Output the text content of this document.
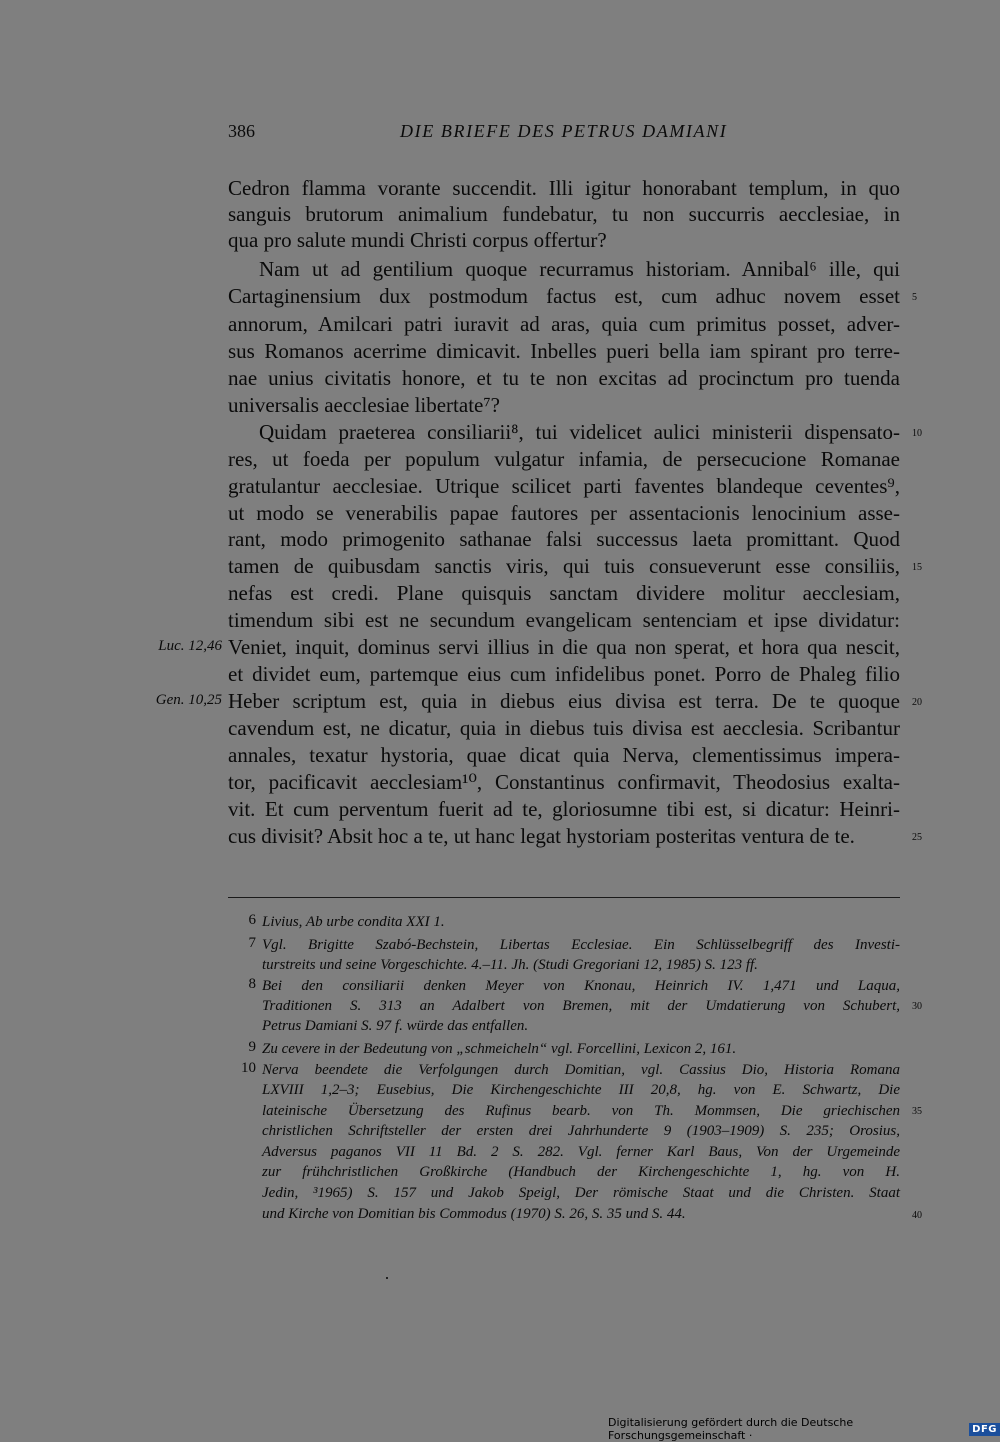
386	DIE BRIEFE DES PETRUS DAMIANI
Cedron flamma vorante succendit. Illi igitur honorabant templum, in quo
sanguis brutorum animalium fundebatur, tu non succurris aecclesiae, in
qua pro salute mundi Christi corpus offertur?
Nam ut ad gentilium quoque recurramus historiam. Annibal⁶ ille, qui
Cartaginensium dux postmodum factus est, cum adhuc novem esset
annorum, Amilcari patri iuravit ad aras, quia cum primitus posset, adver-
sus Romanos acerrime dimicavit. Inbelles pueri bella iam spirant pro terre-
nae unius civitatis honore, et tu te non excitas ad procinctum pro tuenda
universalis aecclesiae libertate⁷?
Quidam praeterea consiliarii⁸, tui videlicet aulici ministerii dispensato-
res, ut foeda per populum vulgatur infamia, de persecucione Romanae
gratulantur aecclesiae. Utrique scilicet parti faventes blandeque ceventes⁹,
ut modo se venerabilis papae fautores per assentacionis lenocinium asse-
rant, modo primogenito sathanae falsi successus laeta promittant. Quod
tamen de quibusdam sanctis viris, qui tuis consueverunt esse consiliis,
nefas est credi. Plane quisquis sanctam dividere molitur aecclesiam,
timendum sibi est ne secundum evangelicam sentenciam et ipse dividatur:
Veniet, inquit, dominus servi illius in die qua non sperat, et hora qua nescit,
et dividet eum, partemque eius cum infidelibus ponet. Porro de Phaleg filio
Heber scriptum est, quia in diebus eius divisa est terra. De te quoque
cavendum est, ne dicatur, quia in diebus tuis divisa est aecclesia. Scribantur
annales, texatur hystoria, quae dicat quia Nerva, clementissimus impera-
tor, pacificavit aecclesiam¹⁰, Constantinus confirmavit, Theodosius exalta-
vit. Et cum perventum fuerit ad te, gloriosumne tibi est, si dicatur: Heinri-
cus divisit? Absit hoc a te, ut hanc legat hystoriam posteritas ventura de te.
Luc. 12,46
Gen. 10,25
5
10
15
20
25
30
35
40
6 Livius, Ab urbe condita XXI 1.
7 Vgl. Brigitte Szabó-Bechstein, Libertas Ecclesiae. Ein Schlüsselbegriff des Investi-
turstreits und seine Vorgeschichte. 4.–11. Jh. (Studi Gregoriani 12, 1985) S. 123 ff.
8 Bei den consiliarii denken Meyer von Knonau, Heinrich IV. 1,471 und Laqua,
Traditionen S. 313 an Adalbert von Bremen, mit der Umdatierung von Schubert,
Petrus Damiani S. 97 f. würde das entfallen.
9 Zu cevere in der Bedeutung von „schmeicheln“ vgl. Forcellini, Lexicon 2, 161.
10 Nerva beendete die Verfolgungen durch Domitian, vgl. Cassius Dio, Historia Romana
LXVIII 1,2–3; Eusebius, Die Kirchengeschichte III 20,8, hg. von E. Schwartz, Die
lateinische Übersetzung des Rufinus bearb. von Th. Mommsen, Die griechischen
christlichen Schriftsteller der ersten drei Jahrhunderte 9 (1903–1909) S. 235; Orosius,
Adversus paganos VII 11 Bd. 2 S. 282. Vgl. ferner Karl Baus, Von der Urgemeinde
zur frühchristlichen Großkirche (Handbuch der Kirchengeschichte 1, hg. von H.
Jedin, ³1965) S. 157 und Jakob Speigl, Der römische Staat und die Christen. Staat
und Kirche von Domitian bis Commodus (1970) S. 26, S. 35 und S. 44.
Digitalisierung gefördert durch die Deutsche Forschungsgemeinschaft ·	DFG
